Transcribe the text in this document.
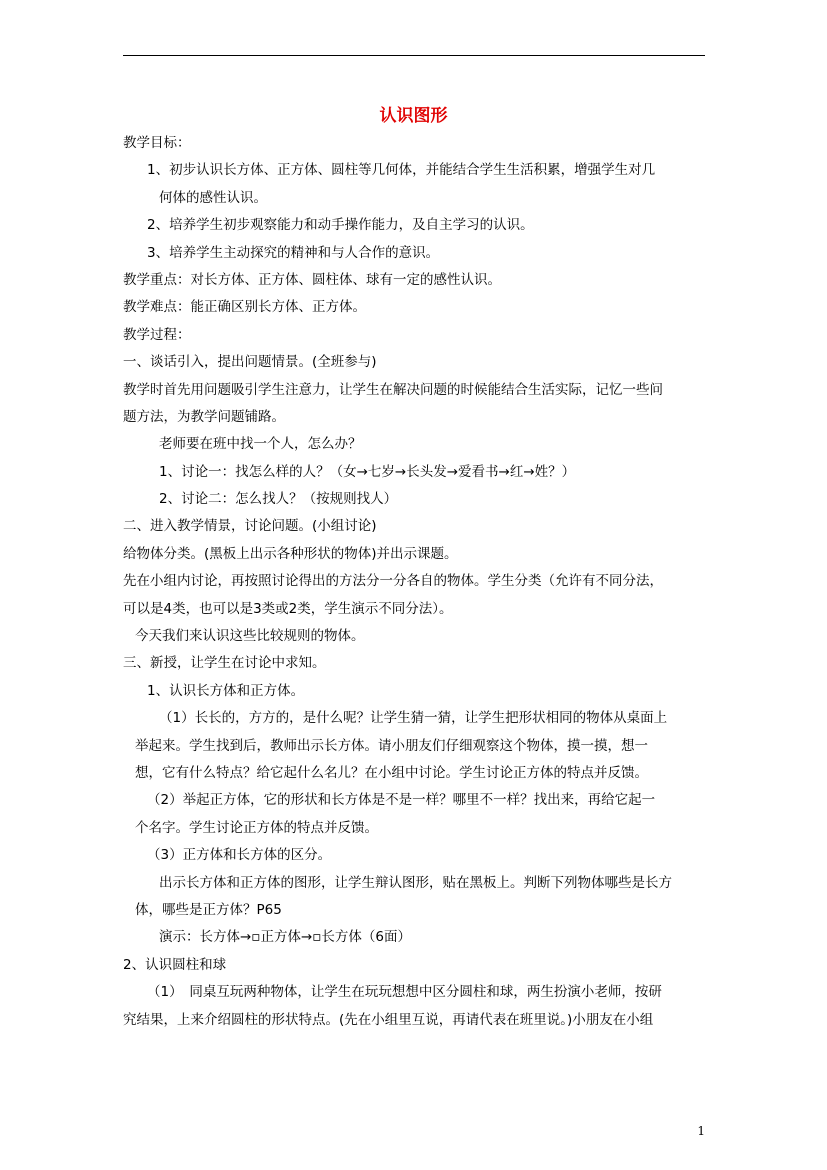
认识图形
教学目标：
1、初步认识长方体、正方体、圆柱等几何体，并能结合学生生活积累，增强学生对几
何体的感性认识。
2、培养学生初步观察能力和动手操作能力，及自主学习的认识。
3、培养学生主动探究的精神和与人合作的意识。
教学重点：对长方体、正方体、圆柱体、球有一定的感性认识。
教学难点：能正确区别长方体、正方体。
教学过程：
一、谈话引入，提出问题情景。(全班参与)
教学时首先用问题吸引学生注意力，让学生在解决问题的时候能结合生活实际，记忆一些问
题方法，为教学问题铺路。
老师要在班中找一个人，怎么办？
1、讨论一：找怎么样的人？（女→七岁→长头发→爱看书→红→姓？）
2、讨论二：怎么找人？（按规则找人）
二、进入教学情景，讨论问题。(小组讨论)
给物体分类。(黑板上出示各种形状的物体)并出示课题。
先在小组内讨论，再按照讨论得出的方法分一分各自的物体。学生分类（允许有不同分法，
可以是4类，也可以是3类或2类，学生演示不同分法）。
今天我们来认识这些比较规则的物体。
三、新授，让学生在讨论中求知。
1、认识长方体和正方体。
（1）长长的，方方的，是什么呢？让学生猜一猜，让学生把形状相同的物体从桌面上
举起来。学生找到后，教师出示长方体。请小朋友们仔细观察这个物体，摸一摸，想一
想，它有什么特点？给它起什么名儿？在小组中讨论。学生讨论正方体的特点并反馈。
（2）举起正方体，它的形状和长方体是不是一样？哪里不一样？找出来，再给它起一
个名字。学生讨论正方体的特点并反馈。
（3）正方体和长方体的区分。
出示长方体和正方体的图形，让学生辩认图形，贴在黑板上。判断下列物体哪些是长方
体，哪些是正方体？P65
演示：长方体→▫正方体→▫长方体（6面）
2、认识圆柱和球
（1）　同桌互玩两种物体，让学生在玩玩想想中区分圆柱和球，两生扮演小老师，按研
究结果，上来介绍圆柱的形状特点。(先在小组里互说，再请代表在班里说。)小朋友在小组
1
